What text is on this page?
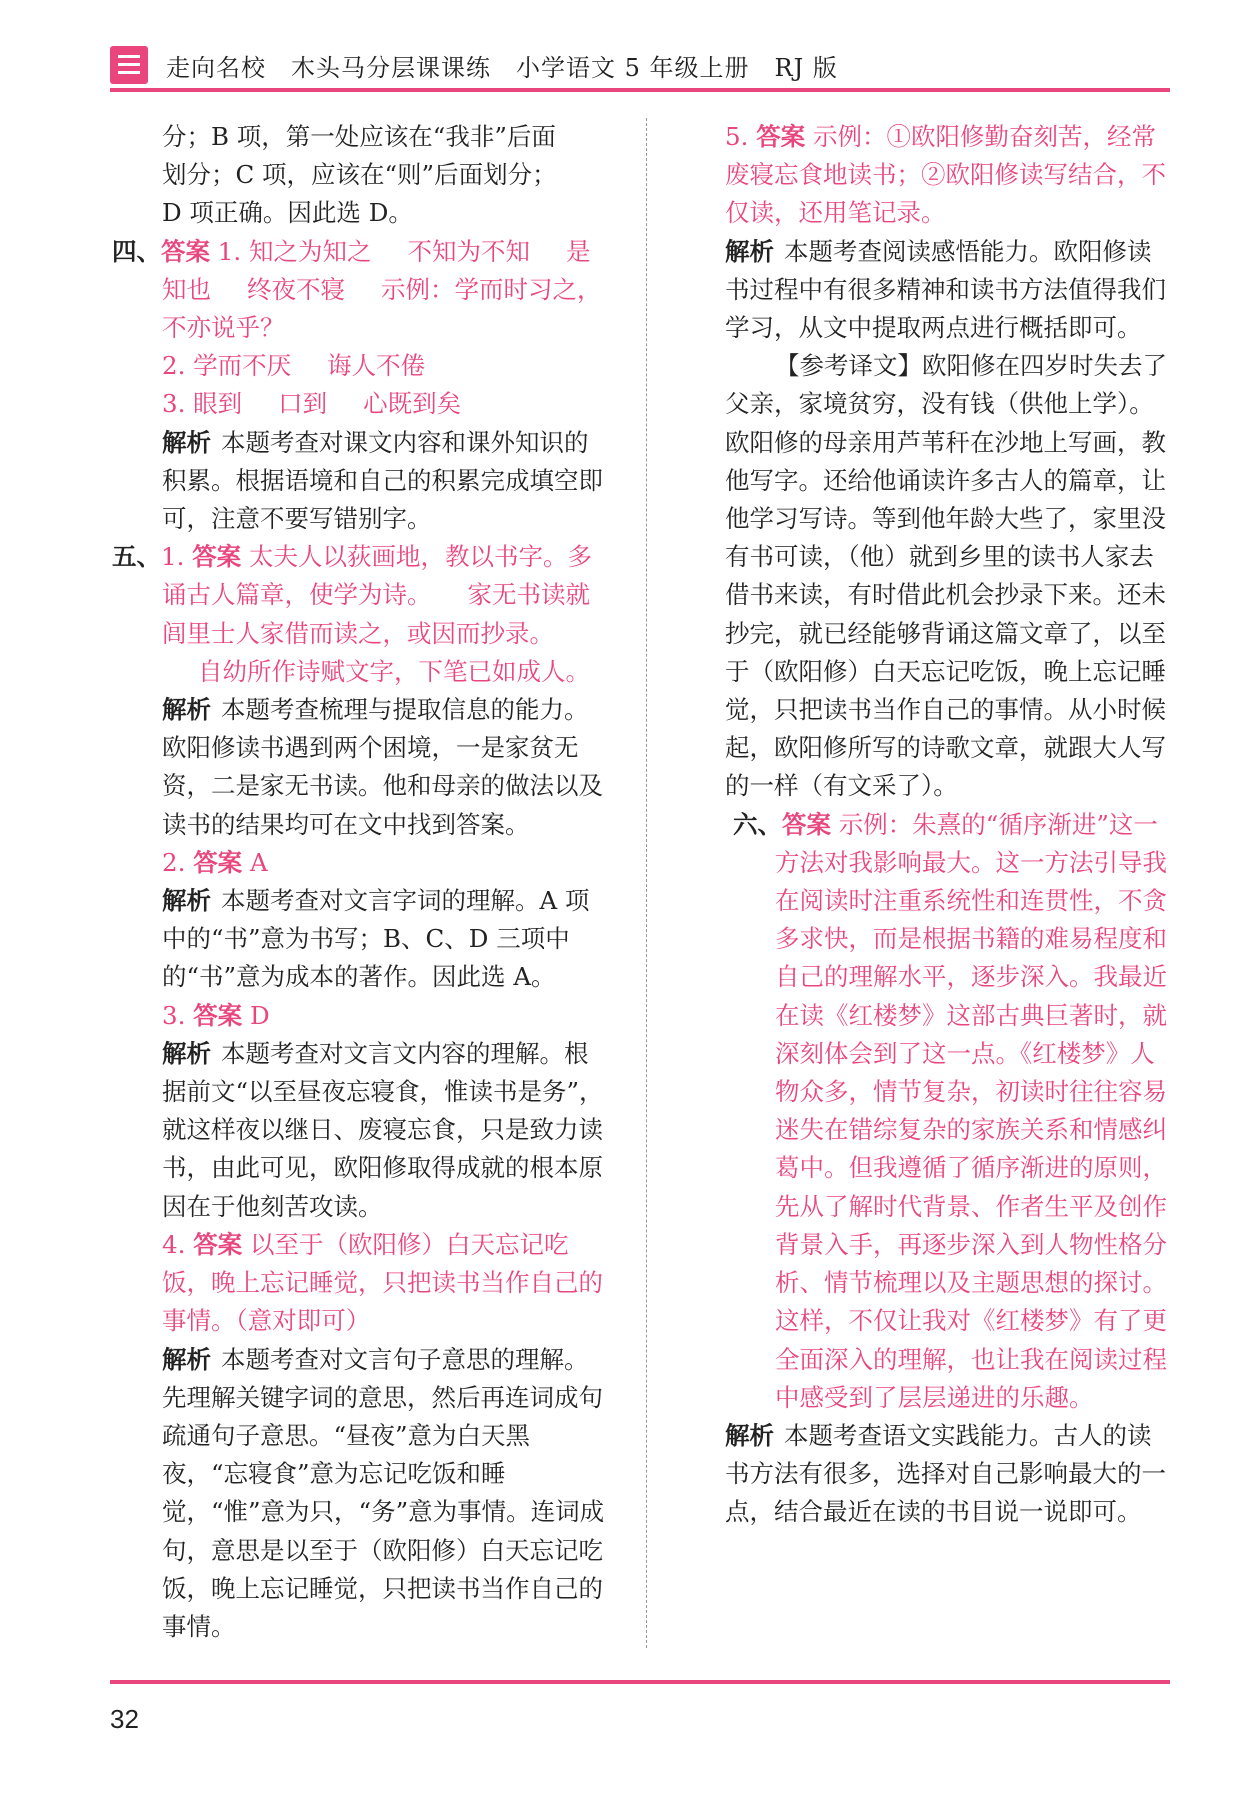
走向名校　木头马分层课课练　小学语文 5 年级上册　RJ 版

分；B 项，第一处应该在“我非”后面

划分；C 项，应该在“则”后面划分；

D 项正确。因此选 D。

四、答案 1. 知之为知之 不知为不知 是知也 终夜不寝 示例：学而时习之，不亦说乎？

2. 学而不厌 诲人不倦

3. 眼到 口到 心既到矣

解析 本题考查对课文内容和课外知识的积累。根据语境和自己的积累完成填空即可，注意不要写错别字。

五、1. 答案 太夫人以荻画地，教以书字。多诵古人篇章，使学为诗。 家无书读就闾里士人家借而读之，或因而抄录。

自幼所作诗赋文字，下笔已如成人。

解析 本题考查梳理与提取信息的能力。欧阳修读书遇到两个困境，一是家贫无资，二是家无书读。他和母亲的做法以及读书的结果均可在文中找到答案。

2. 答案 A

解析 本题考查对文言字词的理解。A 项中的“书”意为书写；B、C、D 三项中的“书”意为成本的著作。因此选 A。

3. 答案 D

解析 本题考查对文言文内容的理解。根据前文“以至昼夜忘寝食，惟读书是务”，就这样夜以继日、废寝忘食，只是致力读书，由此可见，欧阳修取得成就的根本原因在于他刻苦攻读。

4. 答案 以至于（欧阳修）白天忘记吃饭，晚上忘记睡觉，只把读书当作自己的事情。（意对即可）

解析 本题考查对文言句子意思的理解。先理解关键字词的意思，然后再连词成句疏通句子意思。“昼夜”意为白天黑夜，“忘寝食”意为忘记吃饭和睡觉，“惟”意为只，“务”意为事情。连词成句，意思是以至于（欧阳修）白天忘记吃饭，晚上忘记睡觉，只把读书当作自己的事情。

5. 答案 示例：①欧阳修勤奋刻苦，经常废寝忘食地读书；②欧阳修读写结合，不仅读，还用笔记录。

解析 本题考查阅读感悟能力。欧阳修读书过程中有很多精神和读书方法值得我们学习，从文中提取两点进行概括即可。

【参考译文】欧阳修在四岁时失去了父亲，家境贫穷，没有钱（供他上学）。欧阳修的母亲用芦苇秆在沙地上写画，教他写字。还给他诵读许多古人的篇章，让他学习写诗。等到他年龄大些了，家里没有书可读，（他）就到乡里的读书人家去借书来读，有时借此机会抄录下来。还未抄完，就已经能够背诵这篇文章了，以至于（欧阳修）白天忘记吃饭，晚上忘记睡觉，只把读书当作自己的事情。从小时候起，欧阳修所写的诗歌文章，就跟大人写的一样（有文采了）。

六、答案 示例：朱熹的“循序渐进”这一方法对我影响最大。这一方法引导我在阅读时注重系统性和连贯性，不贪多求快，而是根据书籍的难易程度和自己的理解水平，逐步深入。我最近在读《红楼梦》这部古典巨著时，就深刻体会到了这一点。《红楼梦》人物众多，情节复杂，初读时往往容易迷失在错综复杂的家族关系和情感纠葛中。但我遵循了循序渐进的原则，先从了解时代背景、作者生平及创作背景入手，再逐步深入到人物性格分析、情节梳理以及主题思想的探讨。这样，不仅让我对《红楼梦》有了更全面深入的理解，也让我在阅读过程中感受到了层层递进的乐趣。

解析 本题考查语文实践能力。古人的读书方法有很多，选择对自己影响最大的一点，结合最近在读的书目说一说即可。

32
